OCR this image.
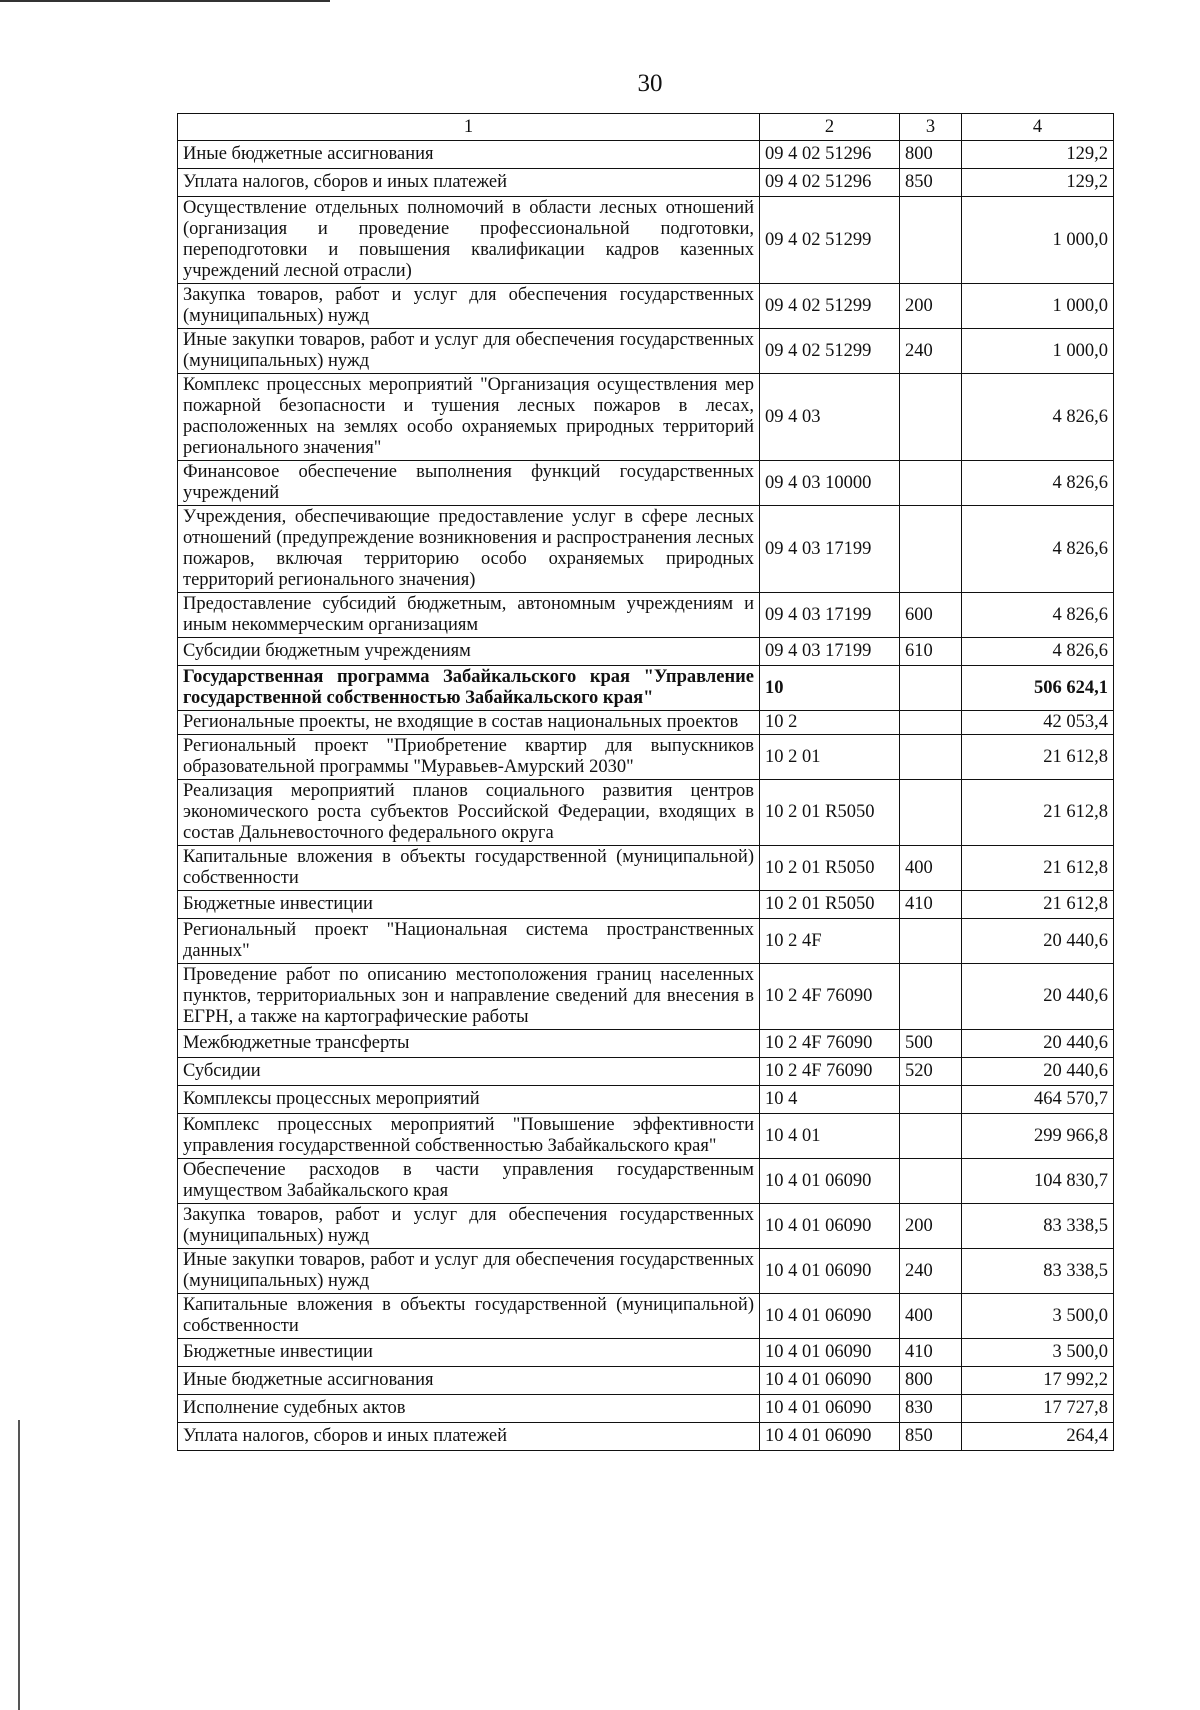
30
1	2	3	4
Иные бюджетные ассигнования	09 4 02 51296	800	129,2
Уплата налогов, сборов и иных платежей	09 4 02 51296	850	129,2
Осуществление отдельных полномочий в области лесных отношений (организация и проведение профессиональной подготовки, переподготовки и повышения квалификации кадров казенных учреждений лесной отрасли)	09 4 02 51299		1 000,0
Закупка товаров, работ и услуг для обеспечения государственных (муниципальных) нужд	09 4 02 51299	200	1 000,0
Иные закупки товаров, работ и услуг для обеспечения государственных (муниципальных) нужд	09 4 02 51299	240	1 000,0
Комплекс процессных мероприятий "Организация осуществления мер пожарной безопасности и тушения лесных пожаров в лесах, расположенных на землях особо охраняемых природных территорий регионального значения"	09 4 03		4 826,6
Финансовое обеспечение выполнения функций государственных учреждений	09 4 03 10000		4 826,6
Учреждения, обеспечивающие предоставление услуг в сфере лесных отношений (предупреждение возникновения и распространения лесных пожаров, включая территорию особо охраняемых природных территорий регионального значения)	09 4 03 17199		4 826,6
Предоставление субсидий бюджетным, автономным учреждениям и иным некоммерческим организациям	09 4 03 17199	600	4 826,6
Субсидии бюджетным учреждениям	09 4 03 17199	610	4 826,6
Государственная программа Забайкальского края "Управление государственной собственностью Забайкальского края"	10		506 624,1
Региональные проекты, не входящие в состав национальных проектов	10 2		42 053,4
Региональный проект "Приобретение квартир для выпускников образовательной программы "Муравьев-Амурский 2030"	10 2 01		21 612,8
Реализация мероприятий планов социального развития центров экономического роста субъектов Российской Федерации, входящих в состав Дальневосточного федерального округа	10 2 01 R5050		21 612,8
Капитальные вложения в объекты государственной (муниципальной) собственности	10 2 01 R5050	400	21 612,8
Бюджетные инвестиции	10 2 01 R5050	410	21 612,8
Региональный проект "Национальная система пространственных данных"	10 2 4F		20 440,6
Проведение работ по описанию местоположения границ населенных пунктов, территориальных зон и направление сведений для внесения в ЕГРН, а также на картографические работы	10 2 4F 76090		20 440,6
Межбюджетные трансферты	10 2 4F 76090	500	20 440,6
Субсидии	10 2 4F 76090	520	20 440,6
Комплексы процессных мероприятий	10 4		464 570,7
Комплекс процессных мероприятий "Повышение эффективности управления государственной собственностью Забайкальского края"	10 4 01		299 966,8
Обеспечение расходов в части управления государственным имуществом Забайкальского края	10 4 01 06090		104 830,7
Закупка товаров, работ и услуг для обеспечения государственных (муниципальных) нужд	10 4 01 06090	200	83 338,5
Иные закупки товаров, работ и услуг для обеспечения государственных (муниципальных) нужд	10 4 01 06090	240	83 338,5
Капитальные вложения в объекты государственной (муниципальной) собственности	10 4 01 06090	400	3 500,0
Бюджетные инвестиции	10 4 01 06090	410	3 500,0
Иные бюджетные ассигнования	10 4 01 06090	800	17 992,2
Исполнение судебных актов	10 4 01 06090	830	17 727,8
Уплата налогов, сборов и иных платежей	10 4 01 06090	850	264,4
